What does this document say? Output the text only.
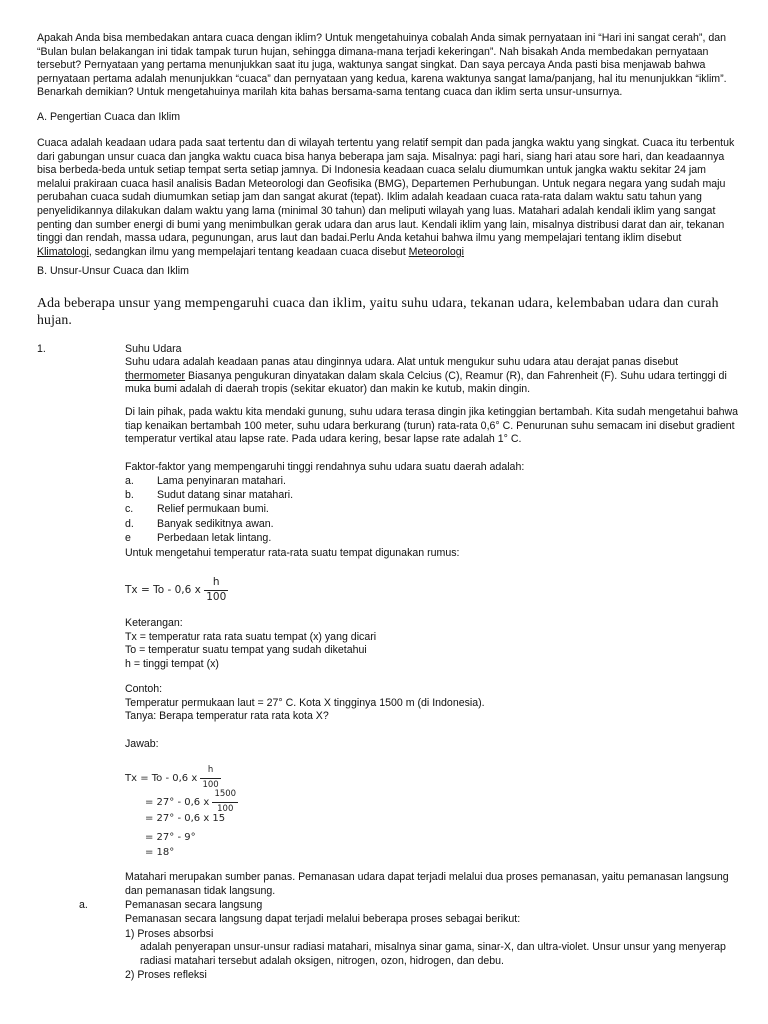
Apakah Anda bisa membedakan antara cuaca dengan iklim? Untuk mengetahuinya cobalah Anda simak pernyataan ini “Hari ini sangat cerah”, dan “Bulan bulan belakangan ini tidak tampak turun hujan, sehingga dimana-mana terjadi kekeringan”. Nah bisakah Anda membedakan pernyataan tersebut? Pernyataan yang pertama menunjukkan saat itu juga, waktunya sangat singkat. Dan saya percaya Anda pasti bisa menjawab bahwa pernyataan pertama adalah menunjukkan “cuaca” dan pernyataan yang kedua, karena waktunya sangat lama/panjang, hal itu menunjukkan “iklim”. Benarkah demikian? Untuk mengetahuinya marilah kita bahas bersama-sama tentang cuaca dan iklim serta unsur-unsurnya.

A. Pengertian Cuaca dan Iklim

Cuaca adalah keadaan udara pada saat tertentu dan di wilayah tertentu yang relatif sempit dan pada jangka waktu yang singkat. Cuaca itu terbentuk dari gabungan unsur cuaca dan jangka waktu cuaca bisa hanya beberapa jam saja. Misalnya: pagi hari, siang hari atau sore hari, dan keadaannya bisa berbeda-beda untuk setiap tempat serta setiap jamnya. Di Indonesia keadaan cuaca selalu diumumkan untuk jangka waktu sekitar 24 jam melalui prakiraan cuaca hasil analisis Badan Meteorologi dan Geofisika (BMG), Departemen Perhubungan. Untuk negara negara yang sudah maju perubahan cuaca sudah diumumkan setiap jam dan sangat akurat (tepat). Iklim adalah keadaan cuaca rata-rata dalam waktu satu tahun yang penyelidikannya dilakukan dalam waktu yang lama (minimal 30 tahun) dan meliputi wilayah yang luas. Matahari adalah kendali iklim yang sangat penting dan sumber energi di bumi yang menimbulkan gerak udara dan arus laut. Kendali iklim yang lain, misalnya distribusi darat dan air, tekanan tinggi dan rendah, massa udara, pegunungan, arus laut dan badai.Perlu Anda ketahui bahwa ilmu yang mempelajari tentang iklim disebut Klimatologi, sedangkan ilmu yang mempelajari tentang keadaan cuaca disebut Meteorologi

B. Unsur-Unsur Cuaca dan Iklim

Ada beberapa unsur yang mempengaruhi cuaca dan iklim, yaitu suhu udara, tekanan udara, kelembaban udara dan curah hujan.

1.	Suhu Udara

Suhu udara adalah keadaan panas atau dinginnya udara. Alat untuk mengukur suhu udara atau derajat panas disebut thermometer Biasanya pengukuran dinyatakan dalam skala Celcius (C), Reamur (R), dan Fahrenheit (F). Suhu udara tertinggi di muka bumi adalah di daerah tropis (sekitar ekuator) dan makin ke kutub, makin dingin.

Di lain pihak, pada waktu kita mendaki gunung, suhu udara terasa dingin jika ketinggian bertambah. Kita sudah mengetahui bahwa tiap kenaikan bertambah 100 meter, suhu udara berkurang (turun) rata-rata 0,6° C. Penurunan suhu semacam ini disebut gradient temperatur vertikal atau lapse rate. Pada udara kering, besar lapse rate adalah 1° C.

Faktor-faktor yang mempengaruhi tinggi rendahnya suhu udara suatu daerah adalah:
a. Lama penyinaran matahari.
b. Sudut datang sinar matahari.
c. Relief permukaan bumi.
d. Banyak sedikitnya awan.
e Perbedaan letak lintang.
Untuk mengetahui temperatur rata-rata suatu tempat digunakan rumus:
Tx = To - 0,6 x $\frac{h}{100}$
Keterangan:
Tx = temperatur rata rata suatu tempat (x) yang dicari
To = temperatur suatu tempat yang sudah diketahui
h = tinggi tempat (x)
Contoh:
Temperatur permukaan laut = 27° C. Kota X tingginya 1500 m (di Indonesia).
Tanya: Berapa temperatur rata rata kota X?
Jawab:
Tx = To - 0,6 x $\frac{h}{100}$
= 27° - 0,6 x $\frac{1500}{100}$
= 27° - 0,6 x 15
= 27° - 9°
= 18°

Matahari merupakan sumber panas. Pemanasan udara dapat terjadi melalui dua proses pemanasan, yaitu pemanasan langsung dan pemanasan tidak langsung.

a.	Pemanasan secara langsung
Pemanasan secara langsung dapat terjadi melalui beberapa proses sebagai berikut:
1) Proses absorbsi

adalah penyerapan unsur-unsur radiasi matahari, misalnya sinar gama, sinar-X, dan ultra-violet. Unsur unsur yang menyerap radiasi matahari tersebut adalah oksigen, nitrogen, ozon, hidrogen, dan debu.

2) Proses refleksi
